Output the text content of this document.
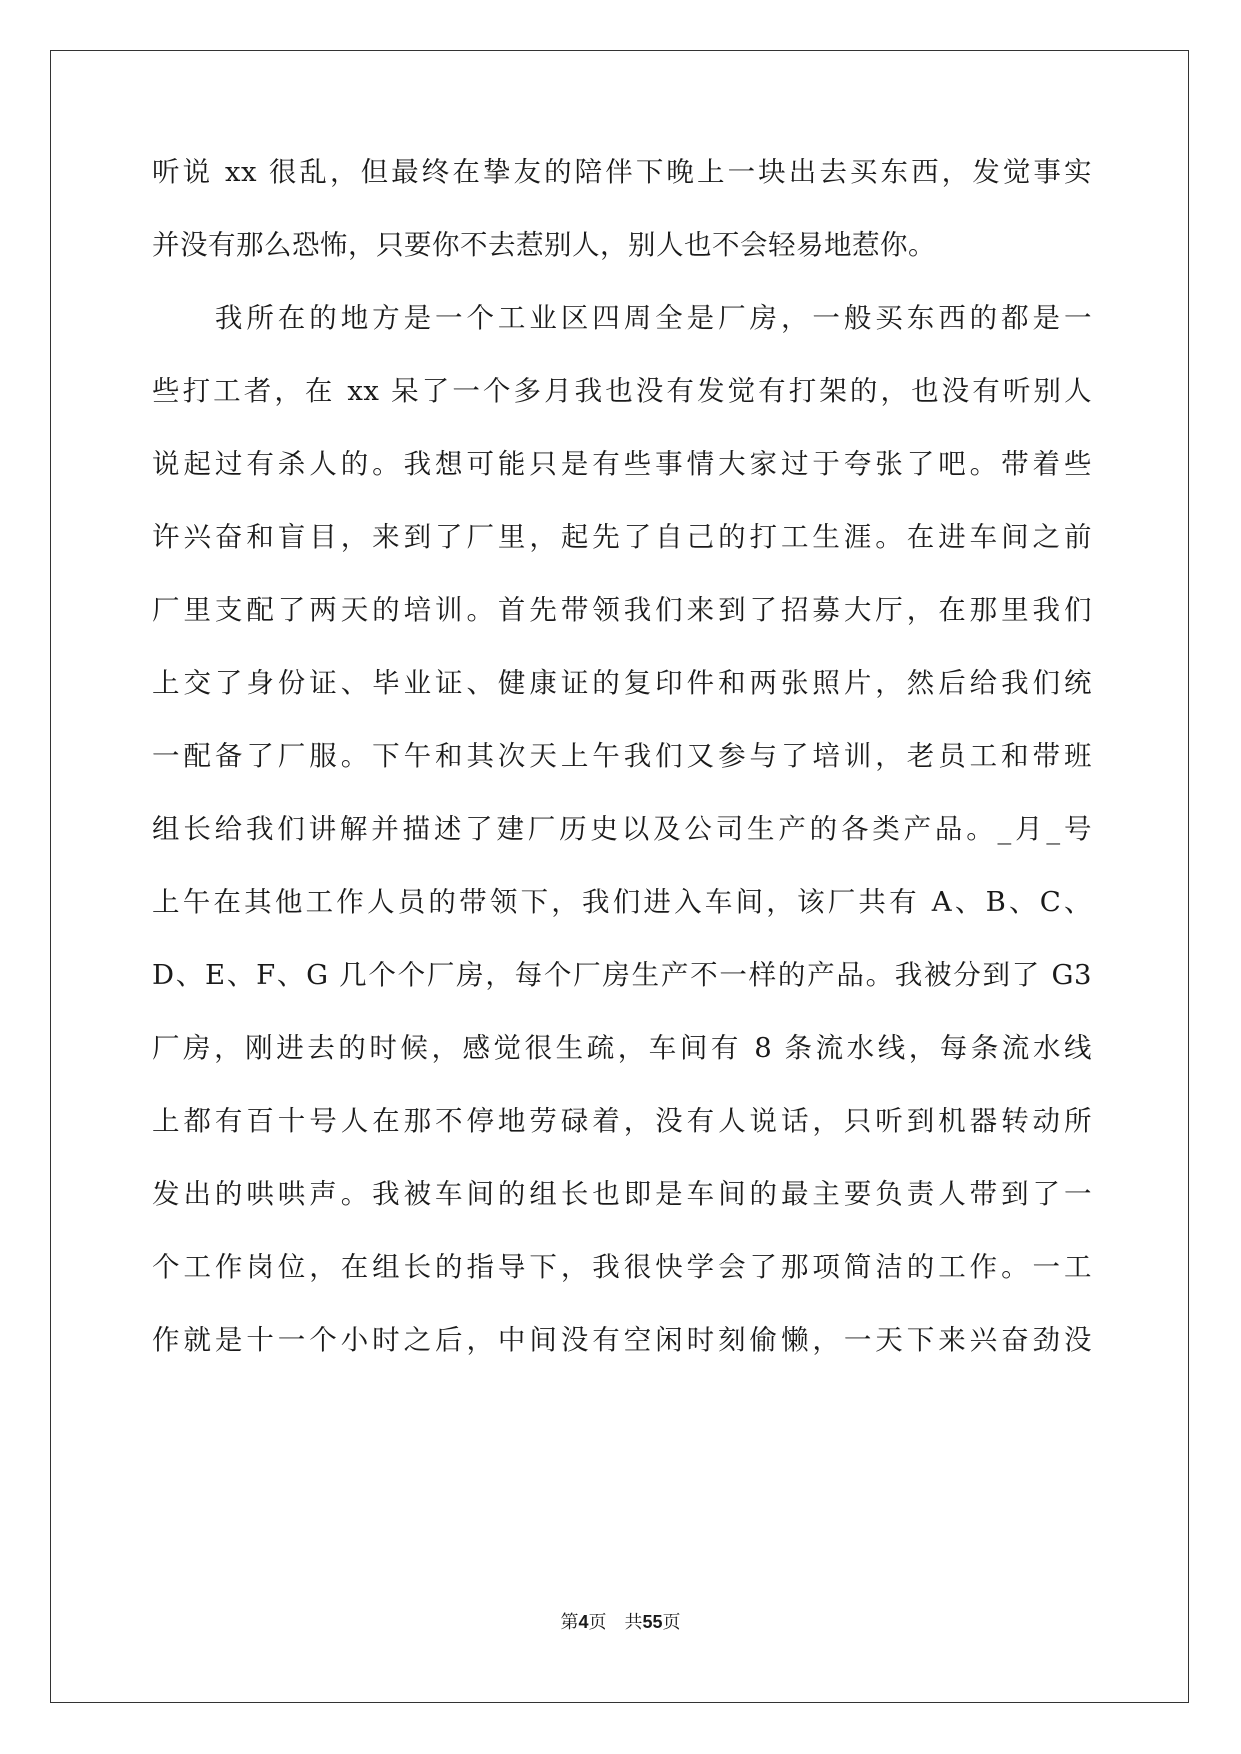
听说 xx 很乱，但最终在挚友的陪伴下晚上一块出去买东西，发觉事实
并没有那么恐怖，只要你不去惹别人，别人也不会轻易地惹你。
　　我所在的地方是一个工业区四周全是厂房，一般买东西的都是一
些打工者，在 xx 呆了一个多月我也没有发觉有打架的，也没有听别人
说起过有杀人的。我想可能只是有些事情大家过于夸张了吧。带着些
许兴奋和盲目，来到了厂里，起先了自己的打工生涯。在进车间之前
厂里支配了两天的培训。首先带领我们来到了招募大厅，在那里我们
上交了身份证、毕业证、健康证的复印件和两张照片，然后给我们统
一配备了厂服。下午和其次天上午我们又参与了培训，老员工和带班
组长给我们讲解并描述了建厂历史以及公司生产的各类产品。_月_号
上午在其他工作人员的带领下，我们进入车间，该厂共有 A、B、C、
D、E、F、G 几个个厂房，每个厂房生产不一样的产品。我被分到了 G3
厂房，刚进去的时候，感觉很生疏，车间有 8 条流水线，每条流水线
上都有百十号人在那不停地劳碌着，没有人说话，只听到机器转动所
发出的哄哄声。我被车间的组长也即是车间的最主要负责人带到了一
个工作岗位，在组长的指导下，我很快学会了那项简洁的工作。一工
作就是十一个小时之后，中间没有空闲时刻偷懒，一天下来兴奋劲没
第4页 共55页
